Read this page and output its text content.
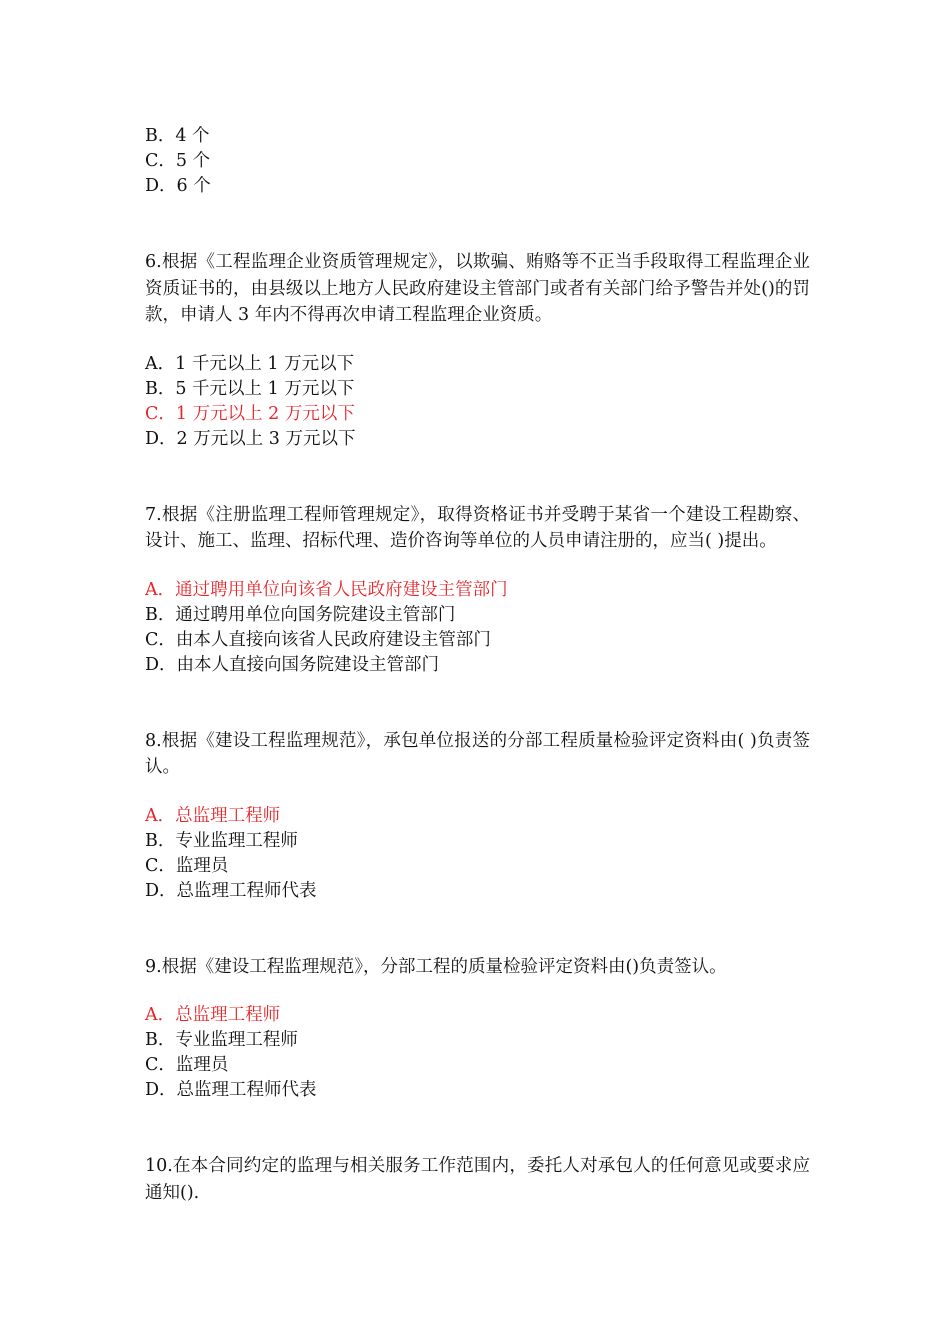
B．4 个
C．5 个
D．6 个

6.根据《工程监理企业资质管理规定》，以欺骗、贿赂等不正当手段取得工程监理企业资质证书的，由县级以上地方人民政府建设主管部门或者有关部门给予警告并处()的罚款，申请人 3 年内不得再次申请工程监理企业资质。

A．1 千元以上 1 万元以下
B．5 千元以上 1 万元以下
C．1 万元以上 2 万元以下
D．2 万元以上 3 万元以下

7.根据《注册监理工程师管理规定》，取得资格证书并受聘于某省一个建设工程勘察、设计、施工、监理、招标代理、造价咨询等单位的人员申请注册的，应当( )提出。

A．通过聘用单位向该省人民政府建设主管部门
B．通过聘用单位向国务院建设主管部门
C．由本人直接向该省人民政府建设主管部门
D．由本人直接向国务院建设主管部门

8.根据《建设工程监理规范》，承包单位报送的分部工程质量检验评定资料由( )负责签认。

A．总监理工程师
B．专业监理工程师
C．监理员
D．总监理工程师代表

9.根据《建设工程监理规范》，分部工程的质量检验评定资料由()负责签认。

A．总监理工程师
B．专业监理工程师
C．监理员
D．总监理工程师代表

10.在本合同约定的监理与相关服务工作范围内，委托人对承包人的任何意见或要求应通知().
